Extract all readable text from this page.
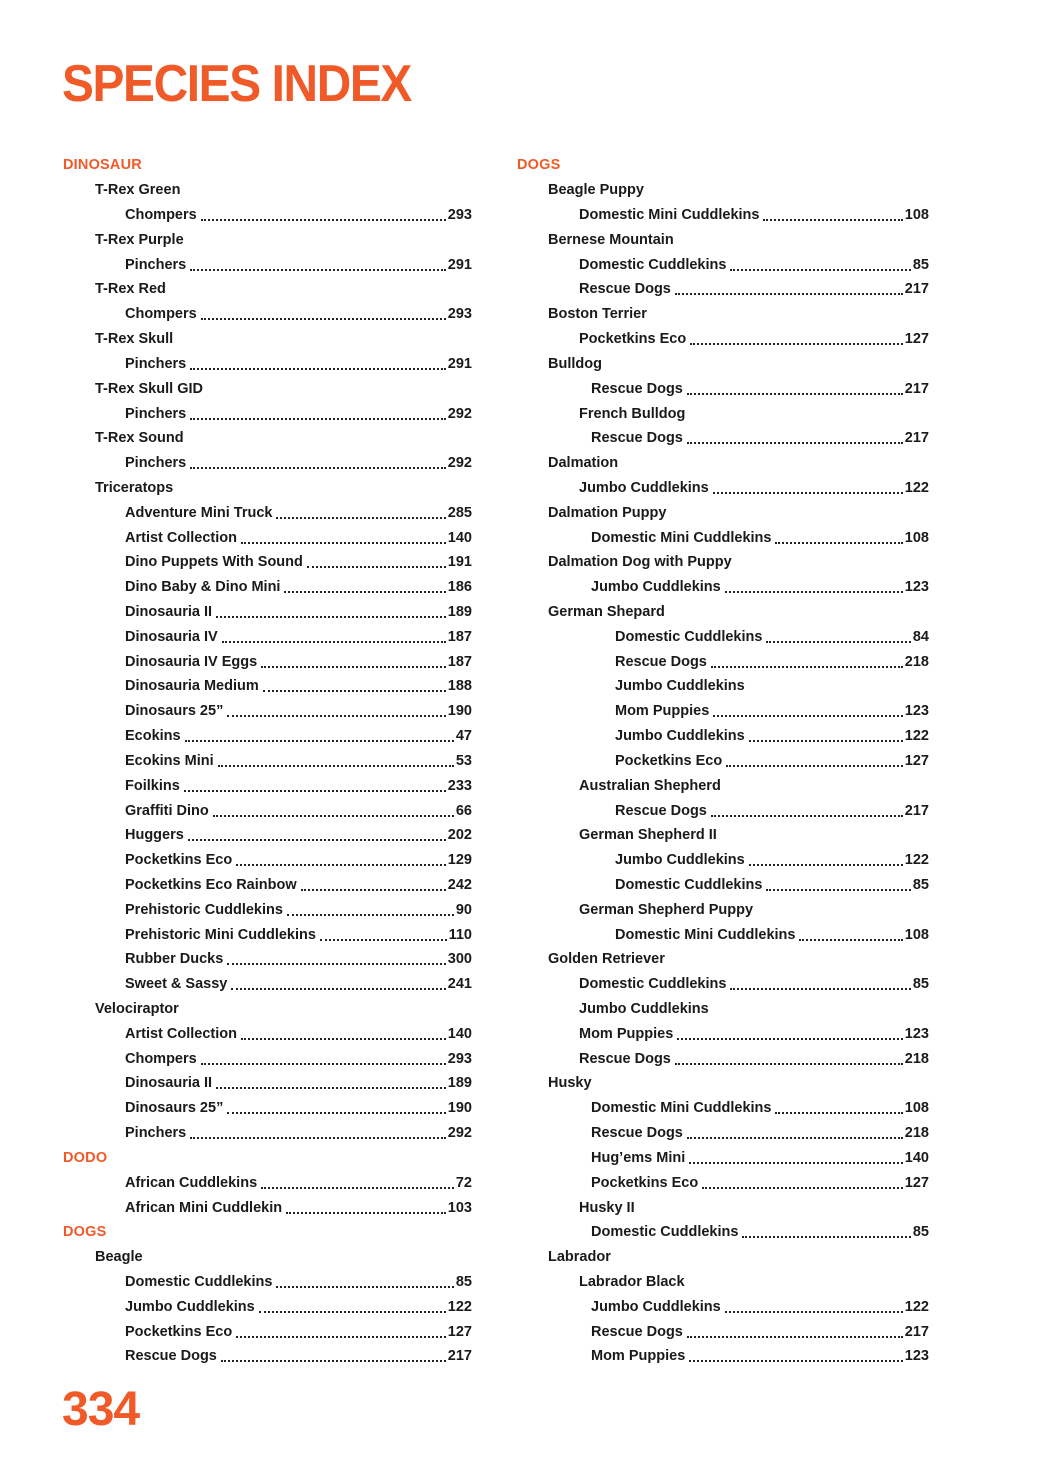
SPECIES INDEX
DINOSAUR
T-Rex Green
Chompers	293
T-Rex Purple
Pinchers	291
T-Rex Red
Chompers	293
T-Rex Skull
Pinchers	291
T-Rex Skull GID
Pinchers	292
T-Rex Sound
Pinchers	292
Triceratops
Adventure Mini Truck	285
Artist Collection	140
Dino Puppets With Sound	191
Dino Baby & Dino Mini	186
Dinosauria II	189
Dinosauria IV	187
Dinosauria IV Eggs	187
Dinosauria Medium	188
Dinosaurs 25”	190
Ecokins	47
Ecokins Mini	53
Foilkins	233
Graffiti Dino	66
Huggers	202
Pocketkins Eco	129
Pocketkins Eco Rainbow	242
Prehistoric Cuddlekins	90
Prehistoric Mini Cuddlekins	110
Rubber Ducks	300
Sweet & Sassy	241
Velociraptor
Artist Collection	140
Chompers	293
Dinosauria II	189
Dinosaurs 25”	190
Pinchers	292
DODO
African Cuddlekins	72
African Mini Cuddlekin	103
DOGS
Beagle
Domestic Cuddlekins	85
Jumbo Cuddlekins	122
Pocketkins Eco	127
Rescue Dogs	217
DOGS
Beagle Puppy
Domestic Mini Cuddlekins	108
Bernese Mountain
Domestic Cuddlekins	85
Rescue Dogs	217
Boston Terrier
Pocketkins Eco	127
Bulldog
Rescue Dogs	217
French Bulldog
Rescue Dogs	217
Dalmation
Jumbo Cuddlekins	122
Dalmation Puppy
Domestic Mini Cuddlekins	108
Dalmation Dog with Puppy
Jumbo Cuddlekins	123
German Shepard
Domestic Cuddlekins	84
Rescue Dogs	218
Jumbo Cuddlekins
Mom Puppies	123
Jumbo Cuddlekins	122
Pocketkins Eco	127
Australian Shepherd
Rescue Dogs	217
German Shepherd II
Jumbo Cuddlekins	122
Domestic Cuddlekins	85
German Shepherd Puppy
Domestic Mini Cuddlekins	108
Golden Retriever
Domestic Cuddlekins	85
Jumbo Cuddlekins
Mom Puppies	123
Rescue Dogs	218
Husky
Domestic Mini Cuddlekins	108
Rescue Dogs	218
Hug’ems Mini	140
Pocketkins Eco	127
Husky II
Domestic Cuddlekins	85
Labrador
Labrador Black
Jumbo Cuddlekins	122
Rescue Dogs	217
Mom Puppies	123
334
